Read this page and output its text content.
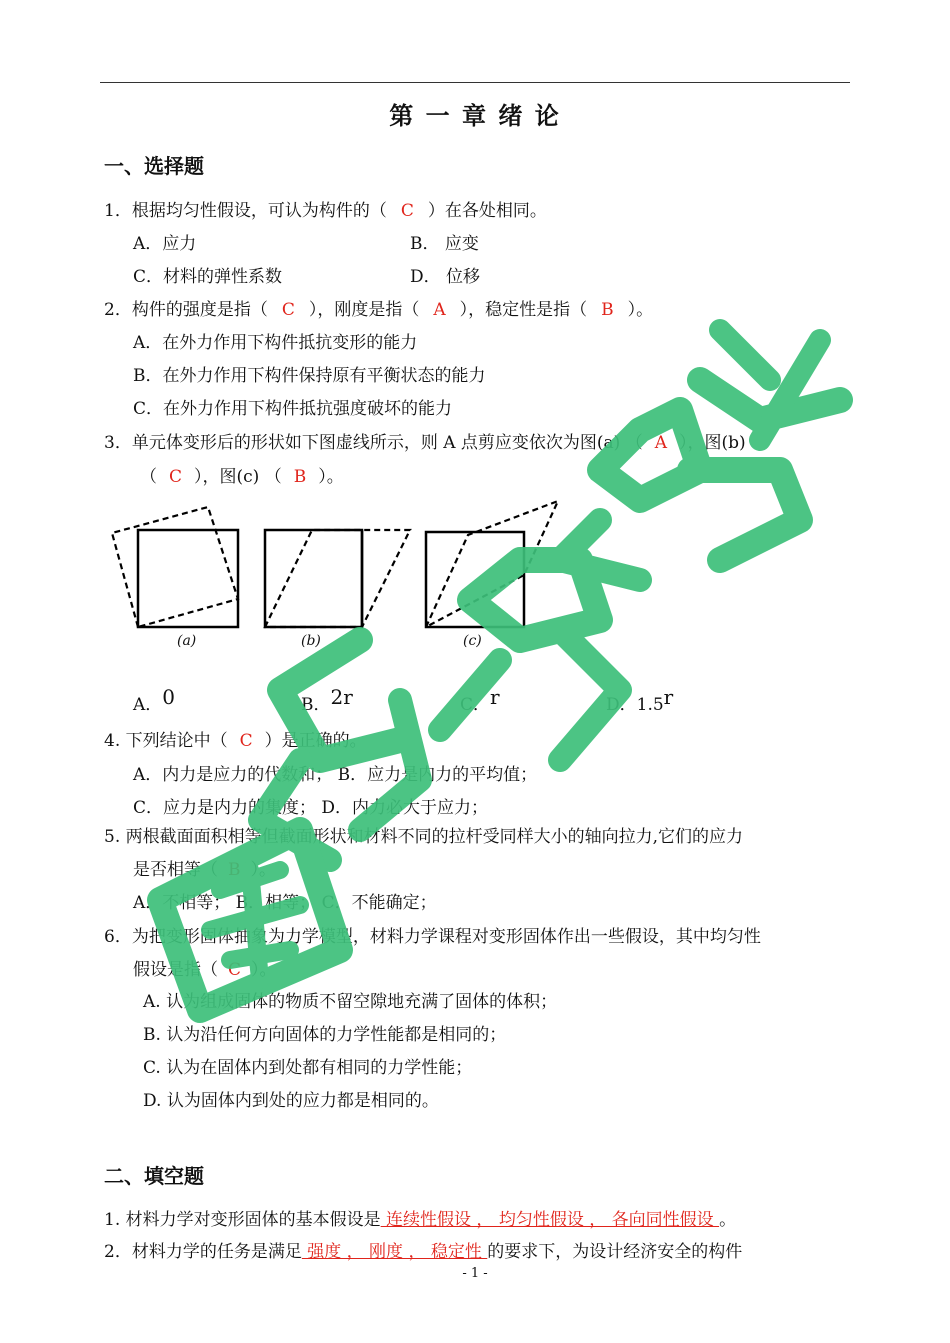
第 一 章 绪 论
一、选择题
1．根据均匀性假设，可认为构件的（ C ）在各处相同。
A．应力	B． 应变
C．材料的弹性系数	D． 位移
2．构件的强度是指（ C ），刚度是指（ A ），稳定性是指（ B ）。
A．在外力作用下构件抵抗变形的能力
B．在外力作用下构件保持原有平衡状态的能力
C．在外力作用下构件抵抗强度破坏的能力
3．单元体变形后的形状如下图虚线所示，则 A 点剪应变依次为图(a) （ A ），图(b)
（ C ），图(c) （ B ）。
(a)	(b)	(c)
A．0	B．2r	C．r	D．1.5r
4. 下列结论中（ C ）是正确的。
A．内力是应力的代数和； B．应力是内力的平均值；
C．应力是内力的集度； D．内力必大于应力；
5. 两根截面面积相等但截面形状和材料不同的拉杆受同样大小的轴向拉力,它们的应力
是否相等（ B ）。
A．不相等； B．相等； C．不能确定；
6．为把变形固体抽象为力学模型，材料力学课程对变形固体作出一些假设，其中均匀性
假设是指（ C ）。
A. 认为组成固体的物质不留空隙地充满了固体的体积；
B. 认为沿任何方向固体的力学性能都是相同的；
C. 认为在固体内到处都有相同的力学性能；
D. 认为固体内到处的应力都是相同的。
二、填空题
1. 材料力学对变形固体的基本假设是 连续性假设 ， 均匀性假设 ， 各向同性假设 。
2．材料力学的任务是满足 强度 ， 刚度 ， 稳定性 的要求下，为设计经济安全的构件
- 1 -
